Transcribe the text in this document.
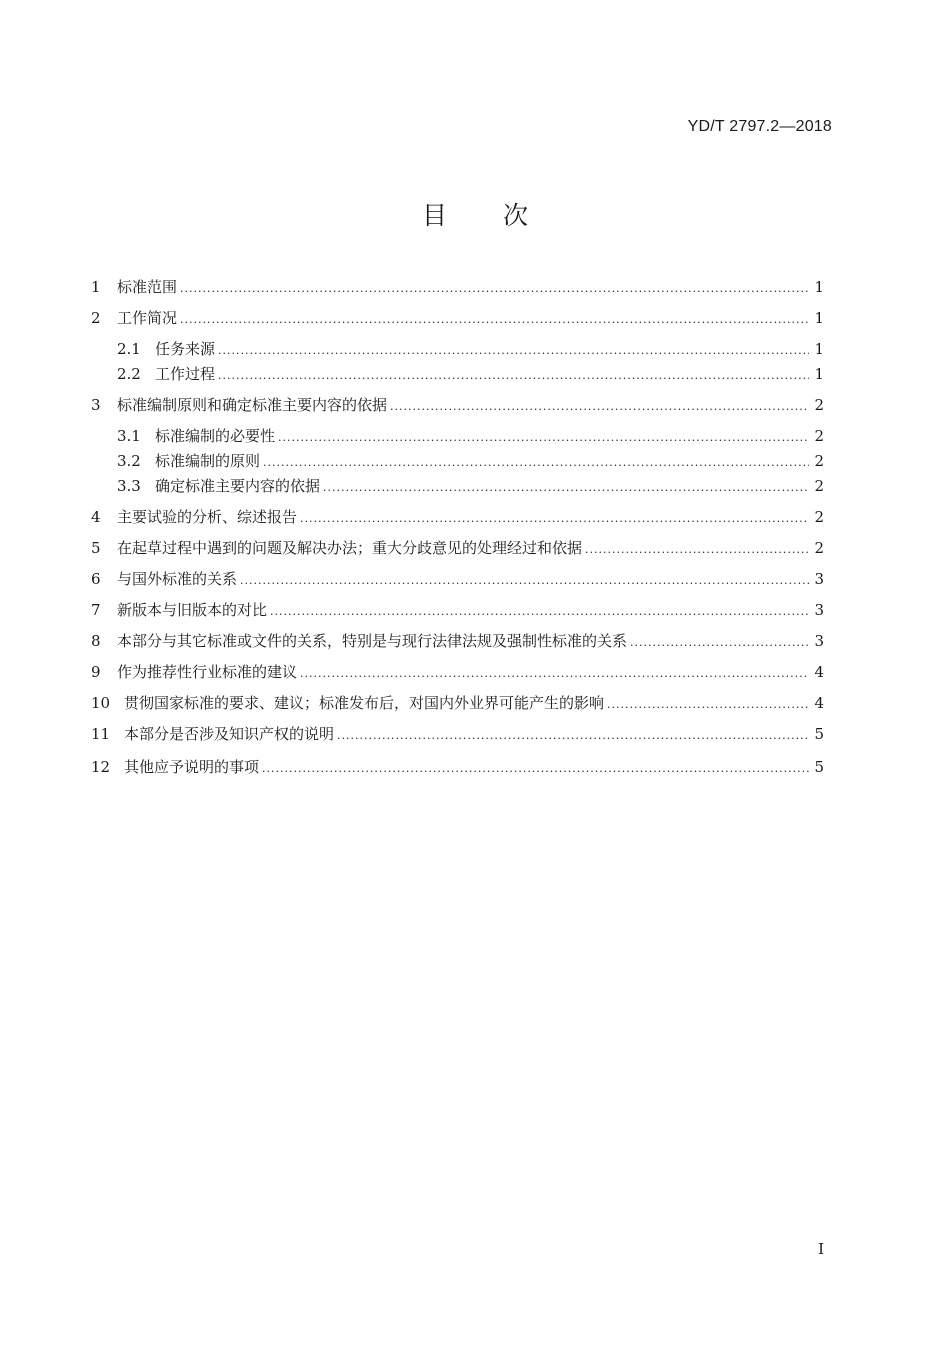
YD/T 2797.2—2018
目 次
1 标准范围 .....	1
2 工作简况 .....	1
2.1 任务来源 .....	1
2.2 工作过程 .....	1
3 标准编制原则和确定标准主要内容的依据 .....	2
3.1 标准编制的必要性 .....	2
3.2 标准编制的原则 .....	2
3.3 确定标准主要内容的依据 .....	2
4 主要试验的分析、综述报告 .....	2
5 在起草过程中遇到的问题及解决办法；重大分歧意见的处理经过和依据 .....	2
6 与国外标准的关系 .....	3
7 新版本与旧版本的对比 .....	3
8 本部分与其它标准或文件的关系，特别是与现行法律法规及强制性标准的关系 .....	3
9 作为推荐性行业标准的建议 .....	4
10 贯彻国家标准的要求、建议；标准发布后，对国内外业界可能产生的影响 .....	4
11 本部分是否涉及知识产权的说明 .....	5
12 其他应予说明的事项 .....	5
I
